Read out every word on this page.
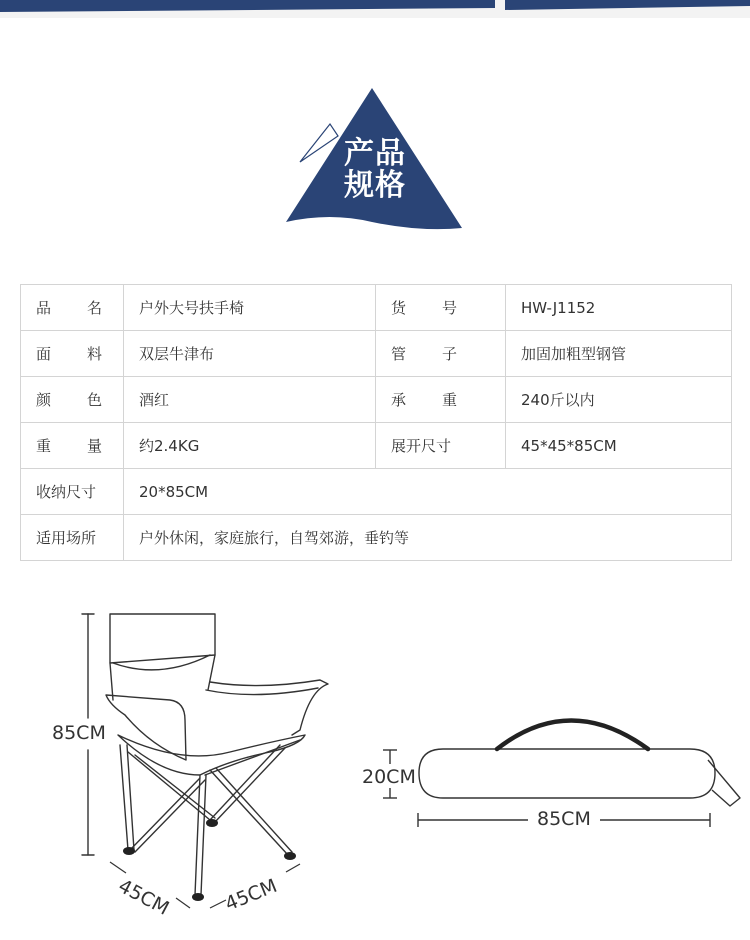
产品
规格
品 名	户外大号扶手椅	货 号	HW-J1152

面 料	双层牛津布	管 子	加固加粗型钢管

颜 色	酒红	承 重	240斤以内

重 量	约2.4KG	展开尺寸	45*45*85CM
收纳尺寸	20*85CM		
适用场所	户外休闲，家庭旅行，自驾郊游，垂钓等		
85CM
45CM	45CM
20CM
85CM
